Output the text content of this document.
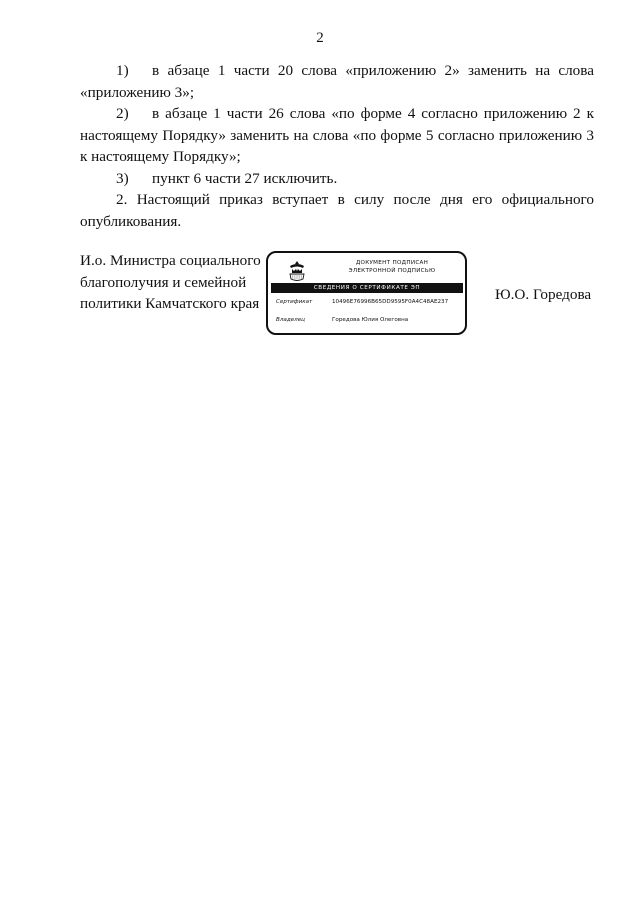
2

1) в абзаце 1 части 20 слова «приложению 2» заменить на слова «приложению 3»;

2) в абзаце 1 части 26 слова «по форме 4 согласно приложению 2 к настоящему Порядку» заменить на слова «по форме 5 согласно приложению 3 к настоящему Порядку»;

3) пункт 6 части 27 исключить.

2. Настоящий приказ вступает в силу после дня его официального опубликования.

И.о. Министра социального
благополучия и семейной
политики Камчатского края
ДОКУМЕНТ ПОДПИСАН
ЭЛЕКТРОННОЙ ПОДПИСЬЮ
СВЕДЕНИЯ О СЕРТИФИКАТЕ ЭП
Сертификат	10496E76996B65DD9595F0A4C48AE237
Владелец	Горедова Юлия Олеговна
Ю.О. Горедова
